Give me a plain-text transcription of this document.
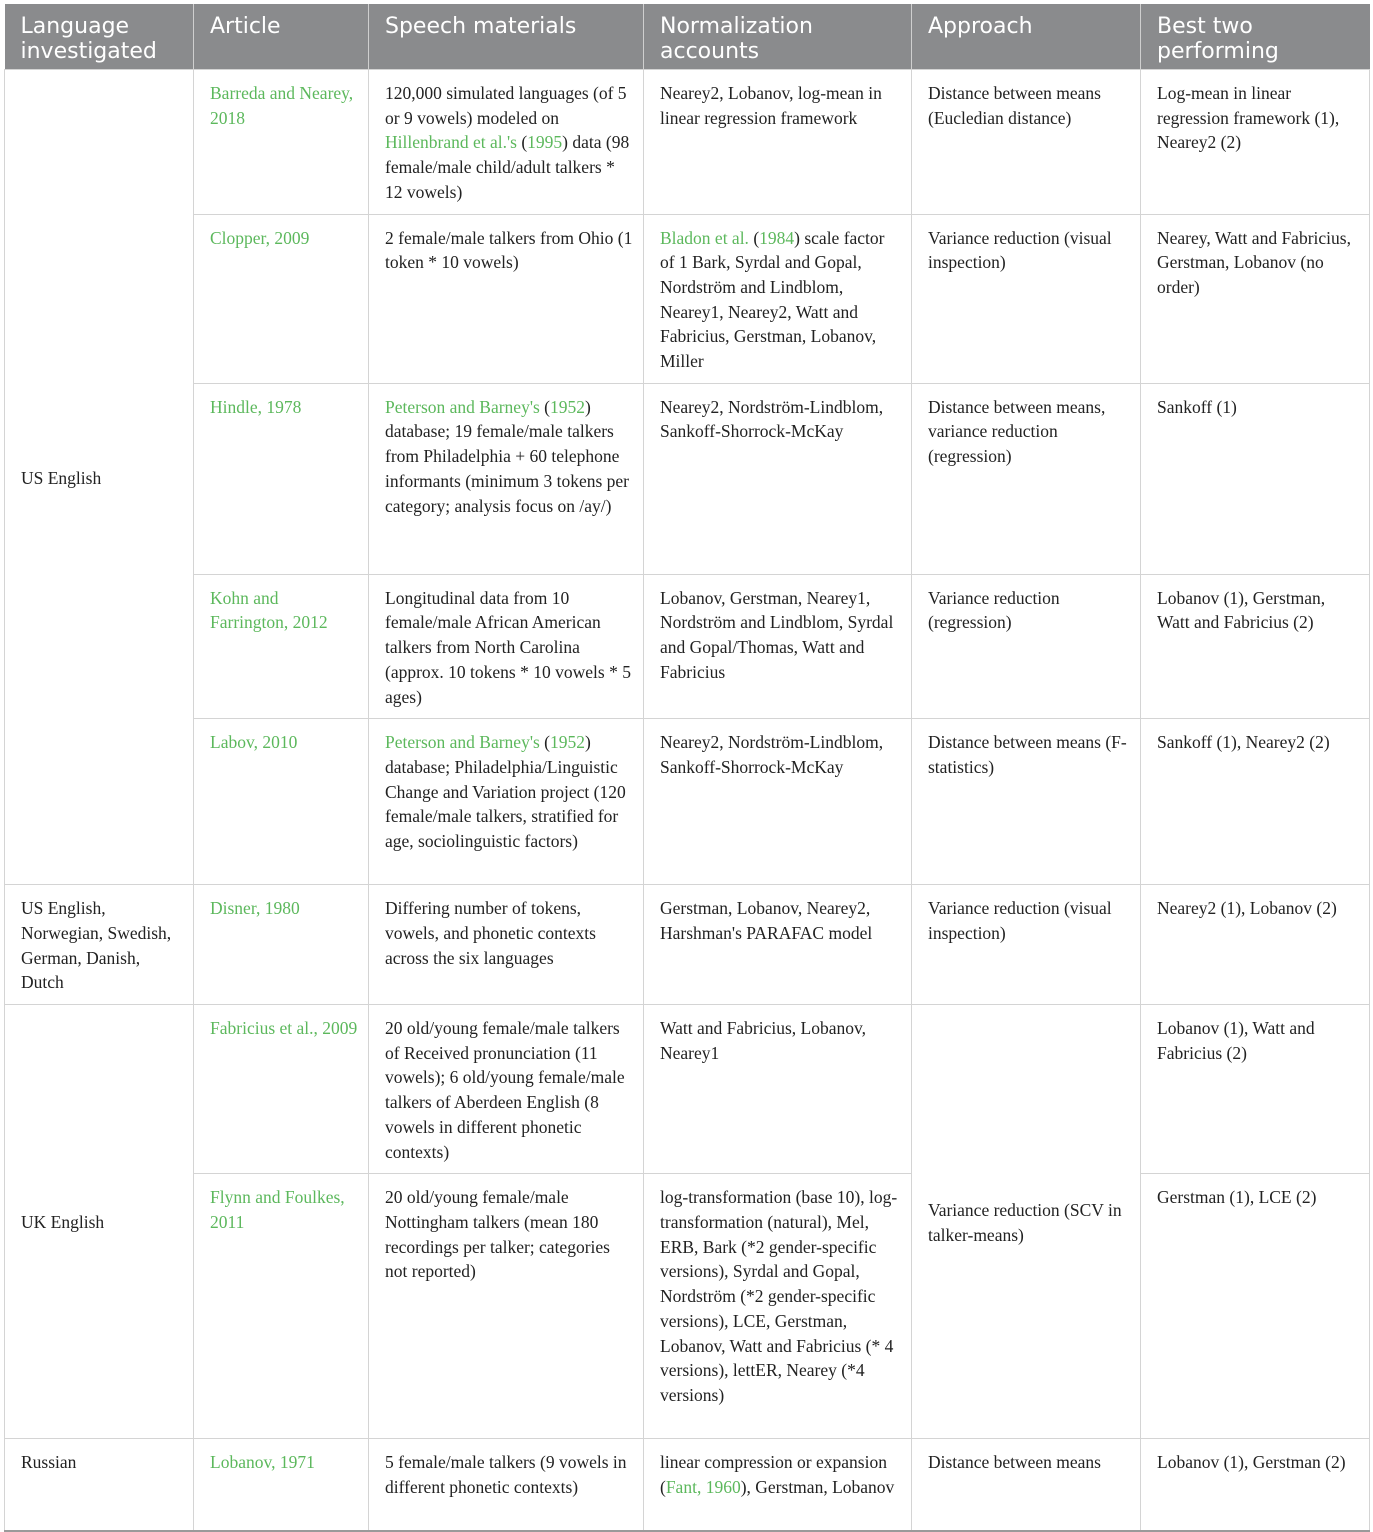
Language investigated	Article	Speech materials	Normalization accounts	Approach	Best two performing
US English	Barreda and Nearey, 2018	120,000 simulated languages (of 5 or 9 vowels) modeled on Hillenbrand et al.'s (1995) data (98 female/male child/adult talkers * 12 vowels)	Nearey2, Lobanov, log-mean in linear regression framework	Distance between means (Eucledian distance)	Log-mean in linear regression framework (1), Nearey2 (2)
	Clopper, 2009	2 female/male talkers from Ohio (1 token * 10 vowels)	Bladon et al. (1984) scale factor of 1 Bark, Syrdal and Gopal, Nordström and Lindblom, Nearey1, Nearey2, Watt and Fabricius, Gerstman, Lobanov, Miller	Variance reduction (visual inspection)	Nearey, Watt and Fabricius, Gerstman, Lobanov (no order)
	Hindle, 1978	Peterson and Barney's (1952) database; 19 female/male talkers from Philadelphia + 60 telephone informants (minimum 3 tokens per category; analysis focus on /ay/)	Nearey2, Nordström-Lindblom, Sankoff-Shorrock-McKay	Distance between means, variance reduction (regression)	Sankoff (1)
	Kohn and Farrington, 2012	Longitudinal data from 10 female/male African American talkers from North Carolina (approx. 10 tokens * 10 vowels * 5 ages)	Lobanov, Gerstman, Nearey1, Nordström and Lindblom, Syrdal and Gopal/Thomas, Watt and Fabricius	Variance reduction (regression)	Lobanov (1), Gerstman, Watt and Fabricius (2)
	Labov, 2010	Peterson and Barney's (1952) database; Philadelphia/Linguistic Change and Variation project (120 female/male talkers, stratified for age, sociolinguistic factors)	Nearey2, Nordström-Lindblom, Sankoff-Shorrock-McKay	Distance between means (F-statistics)	Sankoff (1), Nearey2 (2)
US English, Norwegian, Swedish, German, Danish, Dutch	Disner, 1980	Differing number of tokens, vowels, and phonetic contexts across the six languages	Gerstman, Lobanov, Nearey2, Harshman's PARAFAC model	Variance reduction (visual inspection)	Nearey2 (1), Lobanov (2)
UK English	Fabricius et al., 2009	20 old/young female/male talkers of Received pronunciation (11 vowels); 6 old/young female/male talkers of Aberdeen English (8 vowels in different phonetic contexts)	Watt and Fabricius, Lobanov, Nearey1	Variance reduction (SCV in talker-means)	Lobanov (1), Watt and Fabricius (2)
	Flynn and Foulkes, 2011	20 old/young female/male Nottingham talkers (mean 180 recordings per talker; categories not reported)	log-transformation (base 10), log-transformation (natural), Mel, ERB, Bark (*2 gender-specific versions), Syrdal and Gopal, Nordström (*2 gender-specific versions), LCE, Gerstman, Lobanov, Watt and Fabricius (* 4 versions), lettER, Nearey (*4 versions)		Gerstman (1), LCE (2)
Russian	Lobanov, 1971	5 female/male talkers (9 vowels in different phonetic contexts)	linear compression or expansion (Fant, 1960), Gerstman, Lobanov	Distance between means	Lobanov (1), Gerstman (2)
